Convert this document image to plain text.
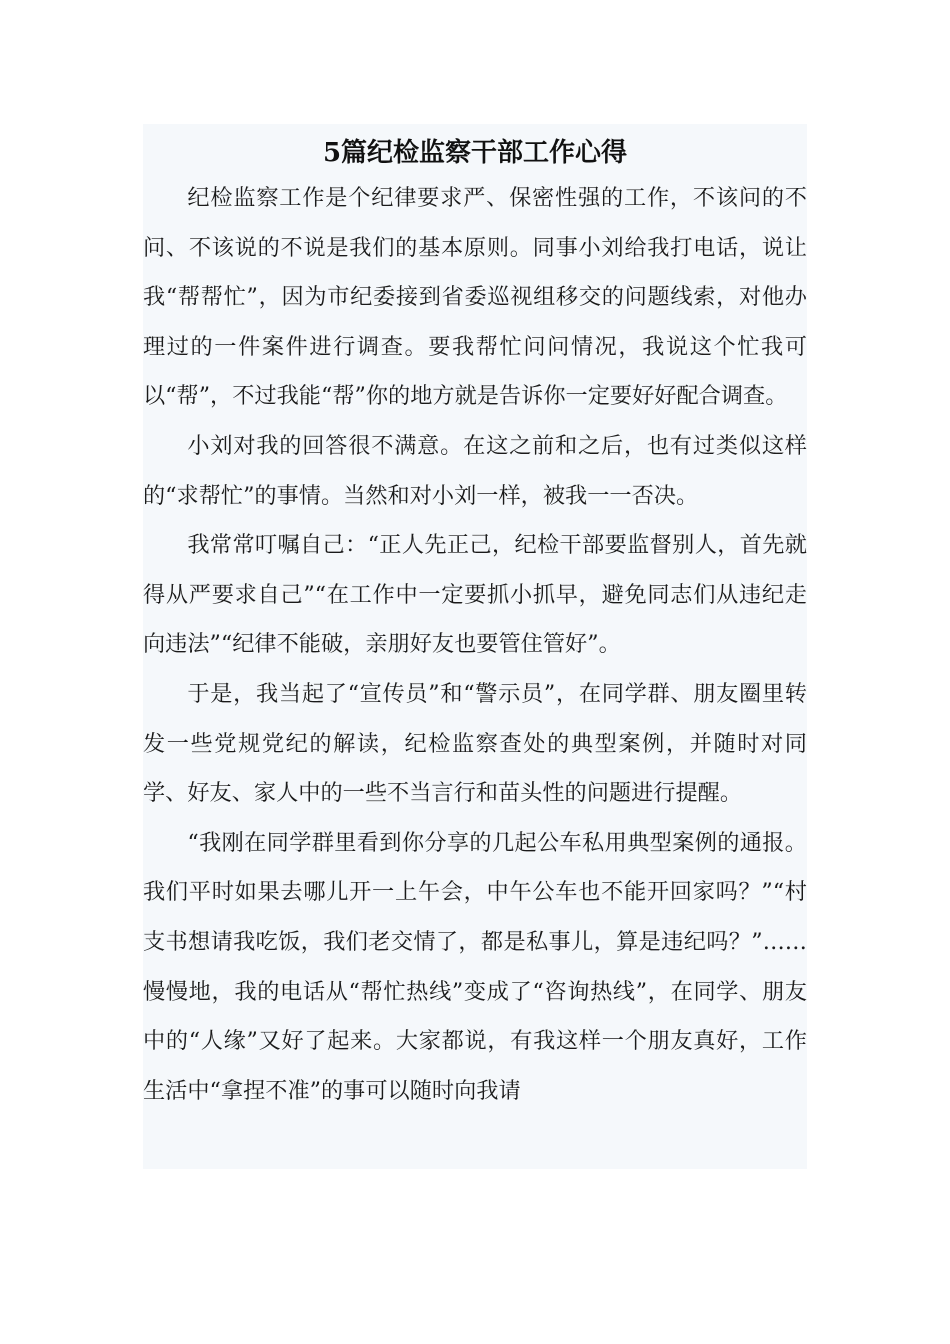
5篇纪检监察干部工作心得

纪检监察工作是个纪律要求严、保密性强的工作，不该问的不问、不该说的不说是我们的基本原则。同事小刘给我打电话，说让我“帮帮忙”，因为市纪委接到省委巡视组移交的问题线索，对他办理过的一件案件进行调查。要我帮忙问问情况，我说这个忙我可以“帮”，不过我能“帮”你的地方就是告诉你一定要好好配合调查。

小刘对我的回答很不满意。在这之前和之后，也有过类似这样的“求帮忙”的事情。当然和对小刘一样，被我一一否决。

我常常叮嘱自己：“正人先正己，纪检干部要监督别人，首先就得从严要求自己”“在工作中一定要抓小抓早，避免同志们从违纪走向违法”“纪律不能破，亲朋好友也要管住管好”。

于是，我当起了“宣传员”和“警示员”，在同学群、朋友圈里转发一些党规党纪的解读，纪检监察查处的典型案例，并随时对同学、好友、家人中的一些不当言行和苗头性的问题进行提醒。

“我刚在同学群里看到你分享的几起公车私用典型案例的通报。我们平时如果去哪儿开一上午会，中午公车也不能开回家吗？”“村支书想请我吃饭，我们老交情了，都是私事儿，算是违纪吗？”……慢慢地，我的电话从“帮忙热线”变成了“咨询热线”，在同学、朋友中的“人缘”又好了起来。大家都说，有我这样一个朋友真好，工作生活中“拿捏不准”的事可以随时向我请
